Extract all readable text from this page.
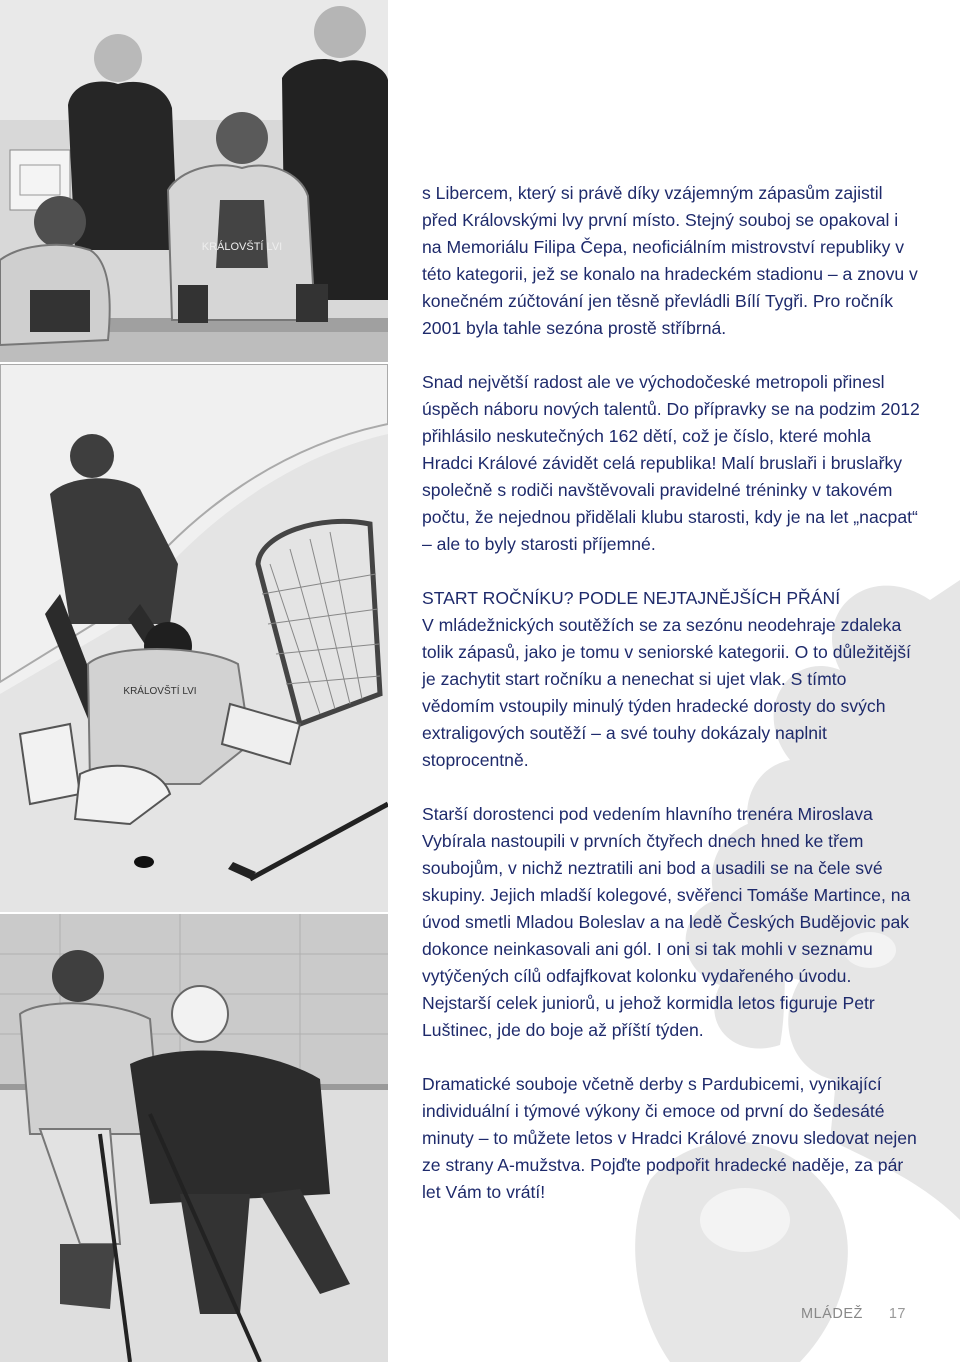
KRÁLOVŠTÍ LVI
KRÁLOVŠTÍ LVI

s Libercem, který si právě díky vzájemným zápasům zajistil před Královskými lvy první místo. Stejný souboj se opakoval i na Memoriálu Filipa Čepa, neoficiálním mistrovství republiky v této kategorii, jež se konalo na hradeckém stadionu – a znovu v konečném zúčtování jen těsně převládli Bílí Tygři. Pro ročník 2001 byla tahle sezóna prostě stříbrná.

Snad největší radost ale ve východočeské metropoli přinesl úspěch náboru nových talentů. Do přípravky se na podzim 2012 přihlásilo neskutečných 162 dětí, což je číslo, které mohla Hradci Králové závidět celá republika! Malí bruslaři i bruslařky společně s rodiči navštěvovali pravidelné tréninky v takovém počtu, že nejednou přidělali klubu starosti, kdy je na let „nacpat“ – ale to byly starosti příjemné.

START ROČNÍKU? PODLE NEJTAJNĚJŠÍCH PŘÁNÍ

V mládežnických soutěžích se za sezónu neodehraje zdaleka tolik zápasů, jako je tomu v seniorské kategorii. O to důležitější je zachytit start ročníku a nenechat si ujet vlak. S tímto vědomím vstoupily minulý týden hradecké dorosty do svých extraligových soutěží – a své touhy dokázaly naplnit stoprocentně.

Starší dorostenci pod vedením hlavního trenéra Miroslava Vybírala nastoupili v prvních čtyřech dnech hned ke třem soubojům, v nichž neztratili ani bod a usadili se na čele své skupiny. Jejich mladší kolegové, svěřenci Tomáše Martince, na úvod smetli Mladou Boleslav a na ledě Českých Budějovic pak dokonce neinkasovali ani gól. I oni si tak mohli v seznamu vytýčených cílů odfajfkovat kolonku vydařeného úvodu. Nejstarší celek juniorů, u jehož kormidla letos figuruje Petr Luštinec, jde do boje až příští týden.

Dramatické souboje včetně derby s Pardubicemi, vynikající individuální i týmové výkony či emoce od první do šedesáté minuty – to můžete letos v Hradci Králové znovu sledovat nejen ze strany A-mužstva. Pojďte podpořit hradecké naděje, za pár let Vám to vrátí!

MLÁDEŽ 17
